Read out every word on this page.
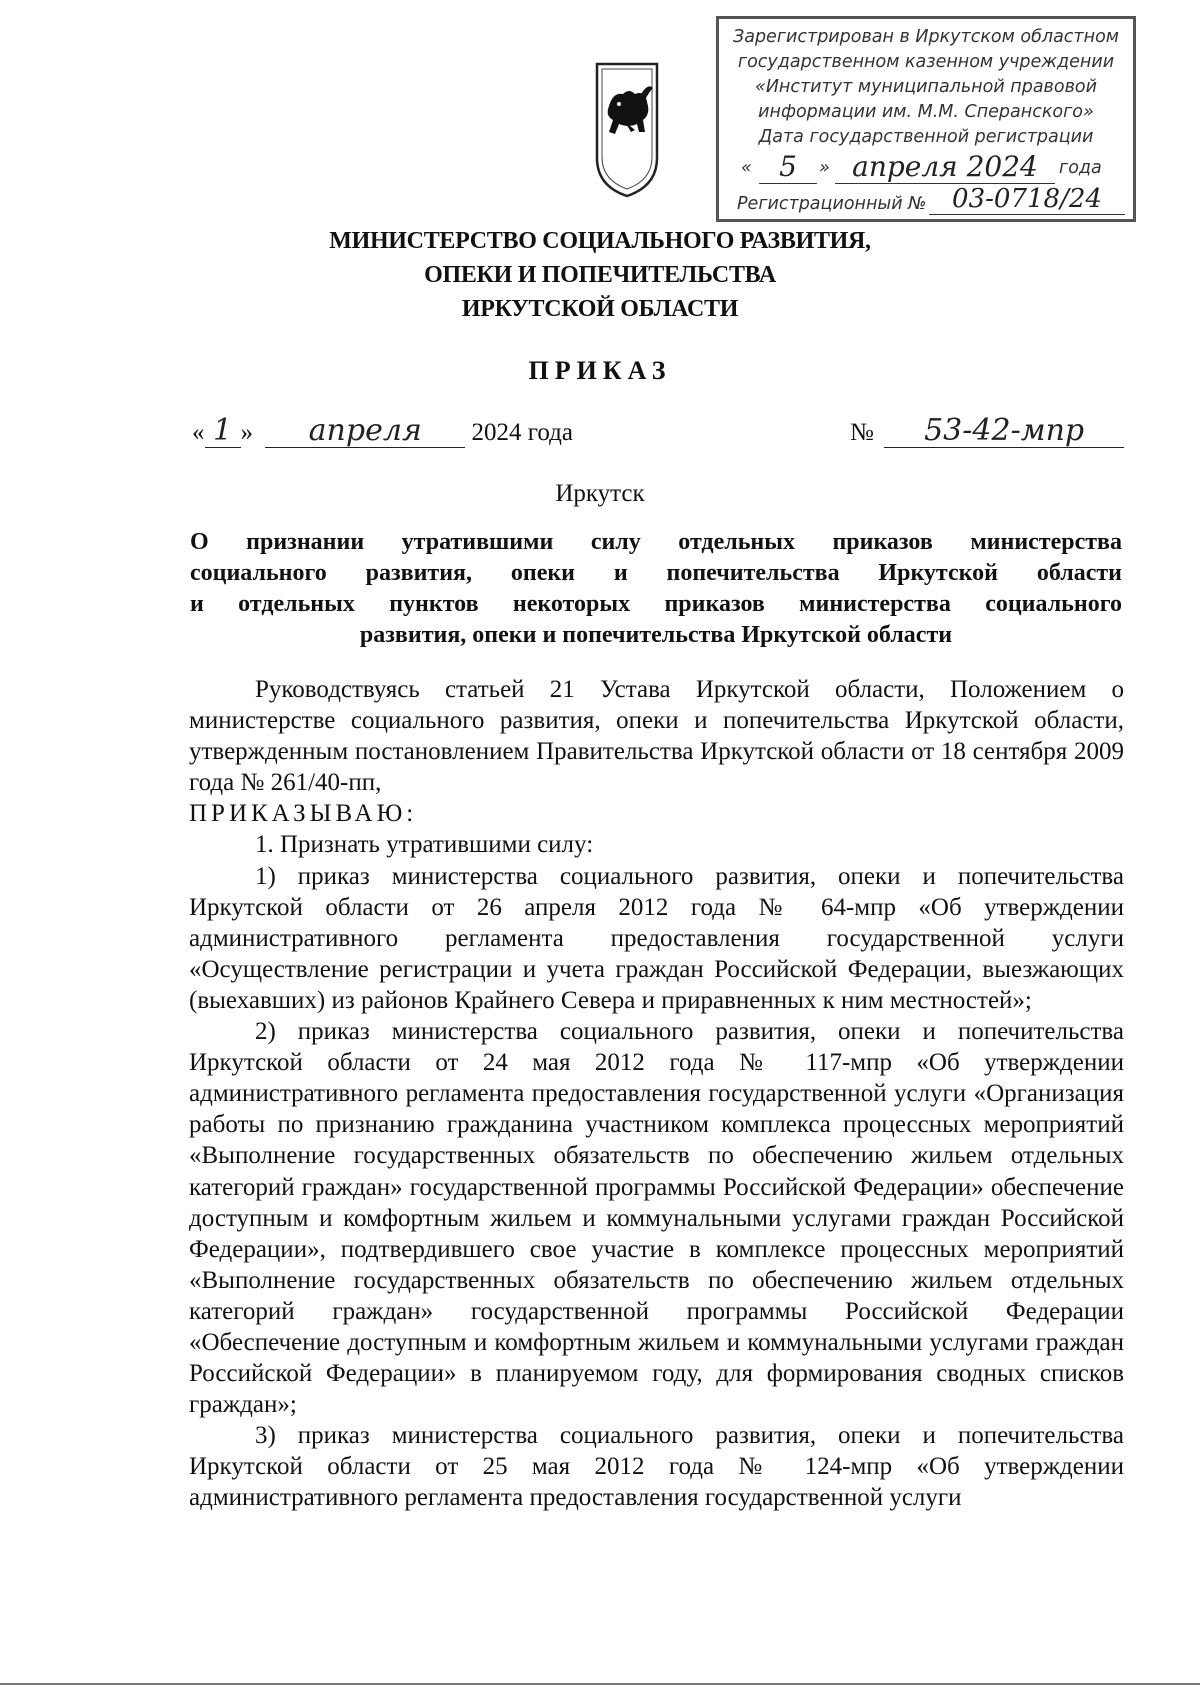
Зарегистрирован в Иркутском областном
государственном казенном учреждении
«Институт муниципальной правовой
информации им. М.М. Сперанского»
Дата государственной регистрации
« 5	» апреля 2024	года
Регистрационный № 03-0718/24
МИНИСТЕРСТВО СОЦИАЛЬНОГО РАЗВИТИЯ,
ОПЕКИ И ПОПЕЧИТЕЛЬСТВА
ИРКУТСКОЙ ОБЛАСТИ
ПРИКАЗ
« 1 » апреля 2024 года	№ 53-42-мпр
Иркутск
О признании утратившими силу отдельных приказов министерства
социального развития, опеки и попечительства Иркутской области
и отдельных пунктов некоторых приказов министерства социального
развития, опеки и попечительства Иркутской области

Руководствуясь статьей 21 Устава Иркутской области, Положением о министерстве социального развития, опеки и попечительства Иркутской области, утвержденным постановлением Правительства Иркутской области от 18 сентября 2009 года № 261/40-пп,

ПРИКАЗЫВАЮ:

1. Признать утратившими силу:

1) приказ министерства социального развития, опеки и попечительства Иркутской области от 26 апреля 2012 года № 64-мпр «Об утверждении административного регламента предоставления государственной услуги «Осуществление регистрации и учета граждан Российской Федерации, выезжающих (выехавших) из районов Крайнего Севера и приравненных к ним местностей»;

2) приказ министерства социального развития, опеки и попечительства Иркутской области от 24 мая 2012 года № 117-мпр «Об утверждении административного регламента предоставления государственной услуги «Организация работы по признанию гражданина участником комплекса процессных мероприятий «Выполнение государственных обязательств по обеспечению жильем отдельных категорий граждан» государственной программы Российской Федерации» обеспечение доступным и комфортным жильем и коммунальными услугами граждан Российской Федерации», подтвердившего свое участие в комплексе процессных мероприятий «Выполнение государственных обязательств по обеспечению жильем отдельных категорий граждан» государственной программы Российской Федерации «Обеспечение доступным и комфортным жильем и коммунальными услугами граждан Российской Федерации» в планируемом году, для формирования сводных списков граждан»;

3) приказ министерства социального развития, опеки и попечительства Иркутской области от 25 мая 2012 года № 124-мпр «Об утверждении административного регламента предоставления государственной услуги
